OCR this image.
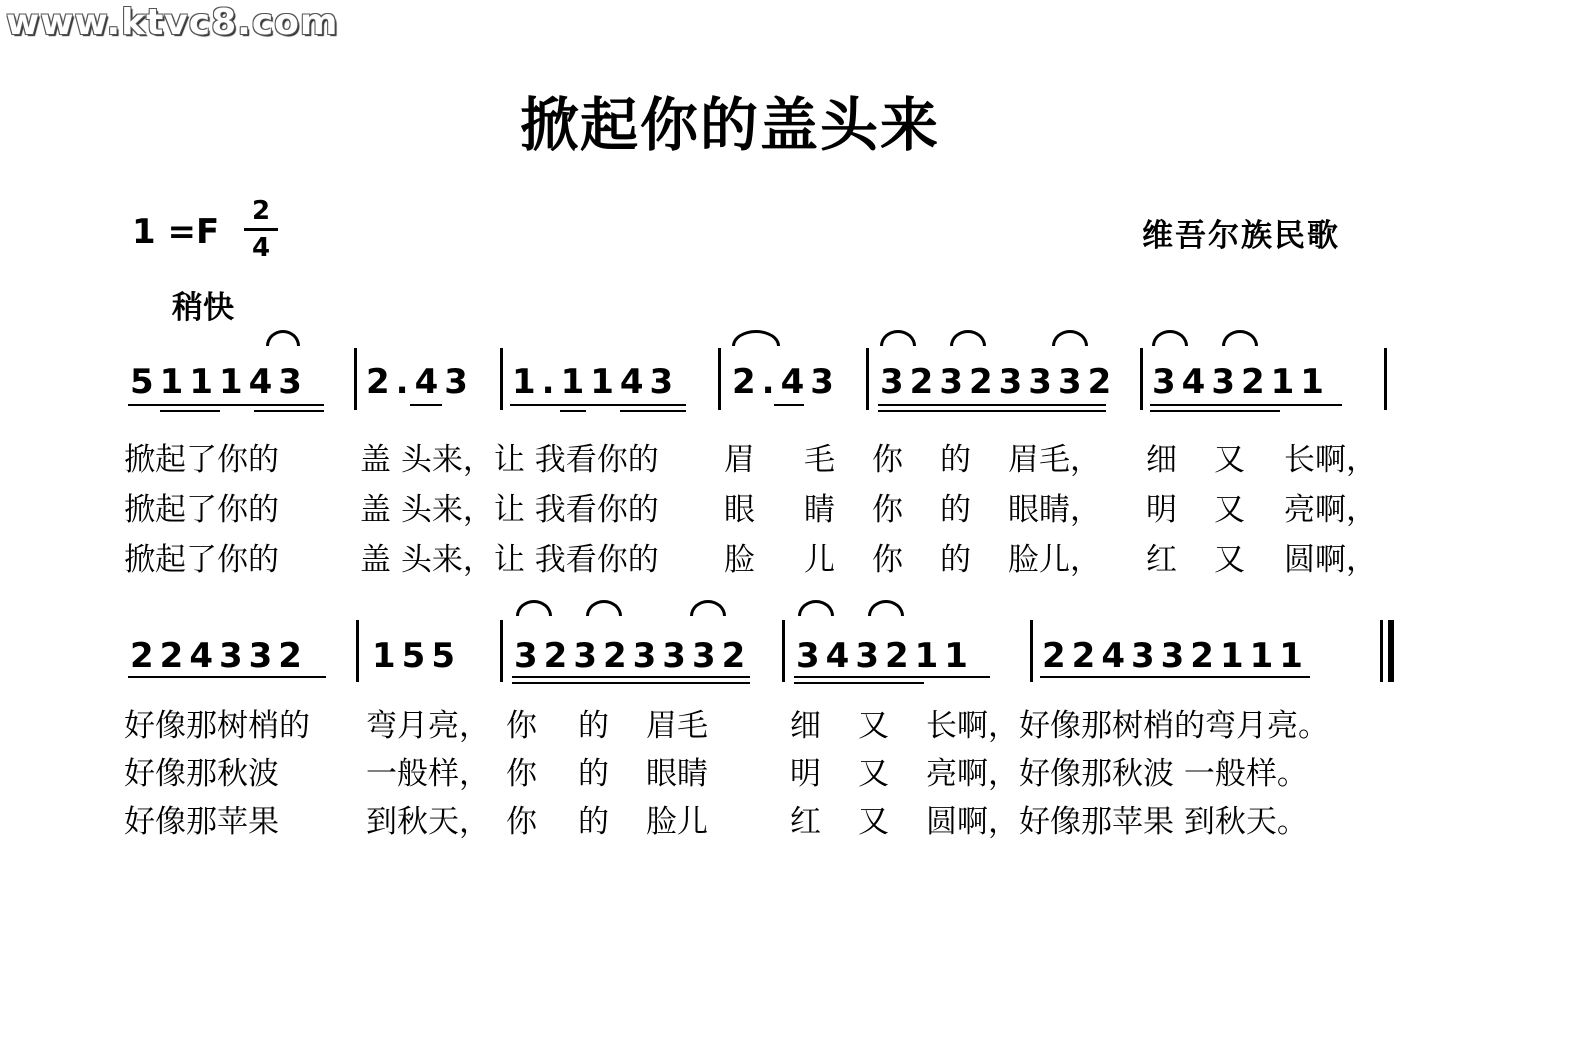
www.ktvc8.com
掀起你的盖头来
1 =F
2
4	维吾尔族民歌
稍快
511143 2.43 1.1143 2.43 32323332 343211
掀起了你的	盖 头来，让 我看你的 眉 毛 你 的 眉毛， 细 又 长啊，
掀起了你的	盖 头来，让 我看你的 眼 睛 你 的 眼睛， 明 又 亮啊，
掀起了你的	盖 头来，让 我看你的 脸 儿 你 的 脸儿， 红 又 圆啊，
224332 155 32323332 343211 224332111
好像那树梢的 弯月亮， 你 的 眉毛	细 又 长啊，好像那树梢的弯月亮。
好像那秋波	一般样， 你 的 眼睛	明 又 亮啊，好像那秋波 一般样。
好像那苹果	到秋天， 你 的 脸儿	红 又 圆啊，好像那苹果 到秋天。
